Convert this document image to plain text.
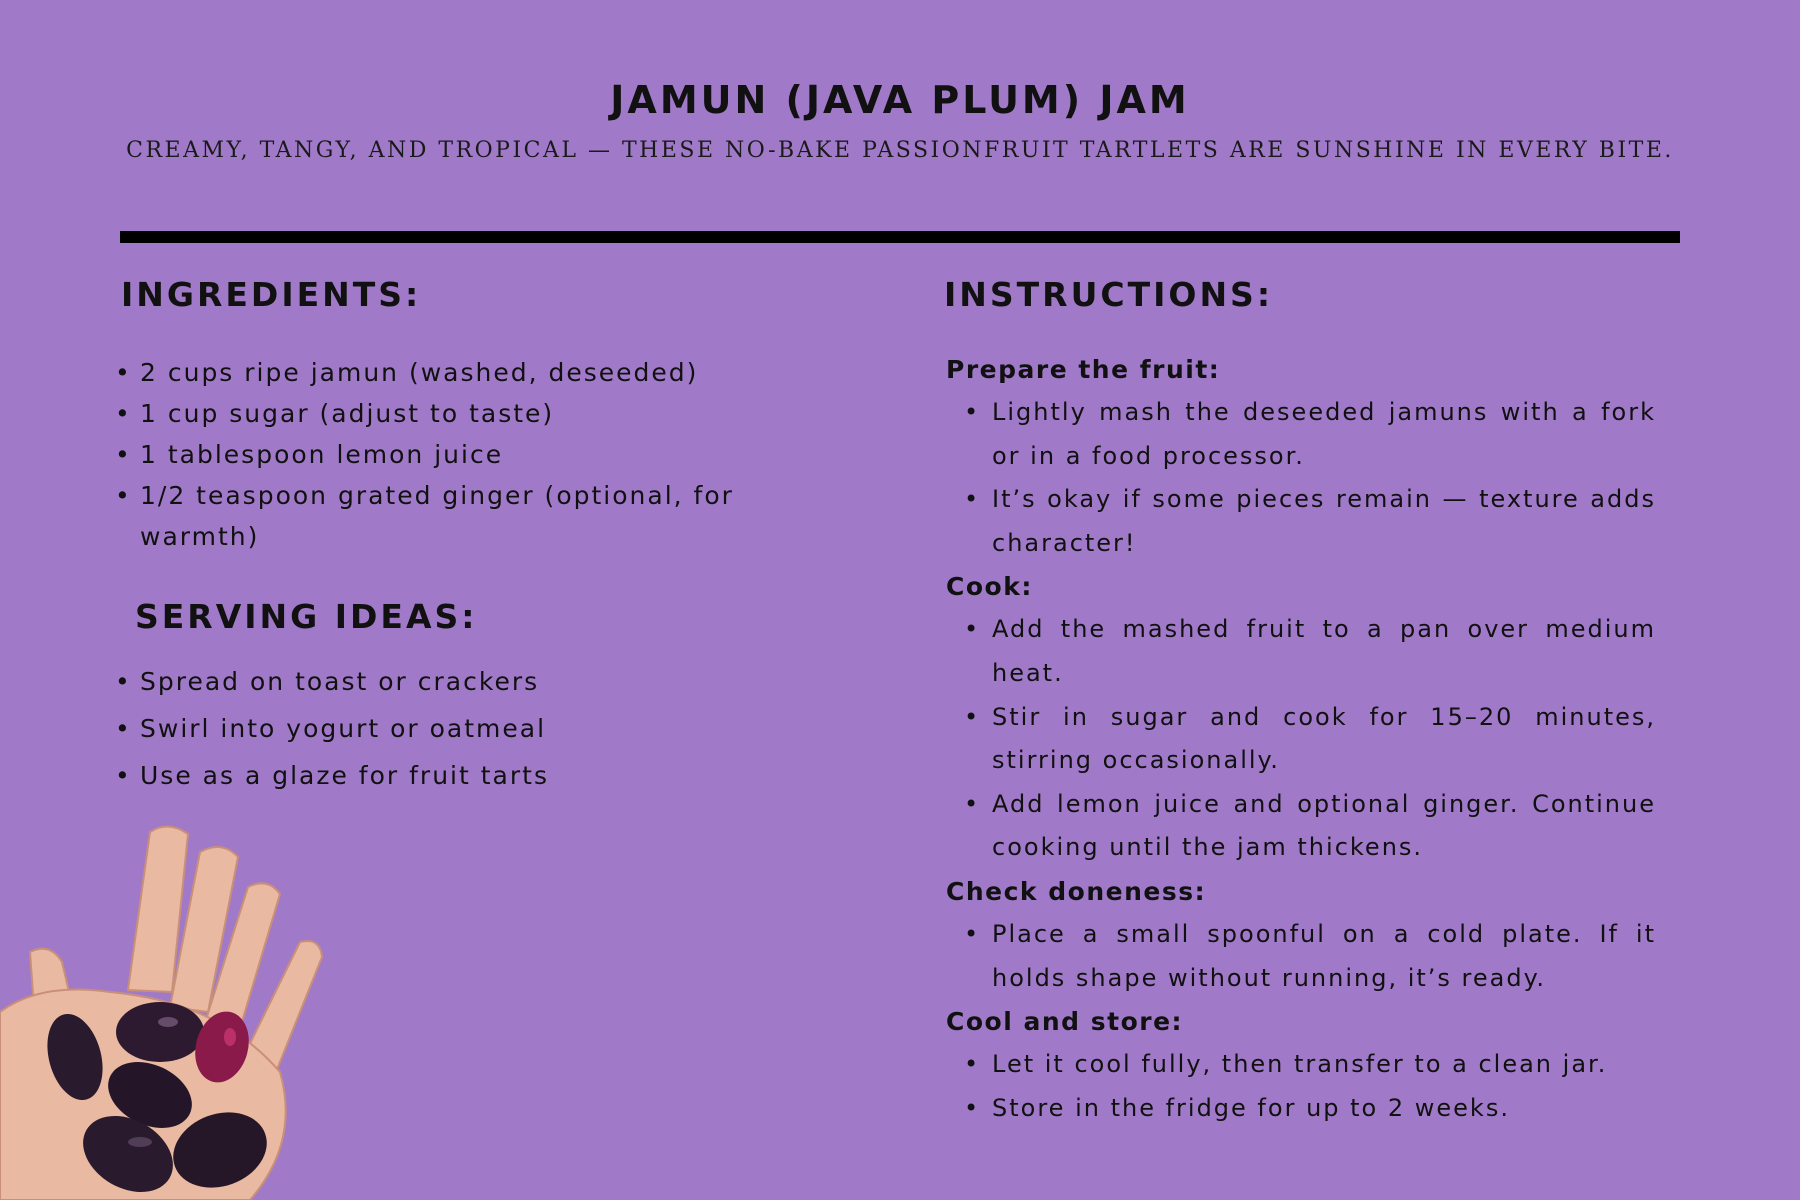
JAMUN (JAVA PLUM) JAM

CREAMY, TANGY, AND TROPICAL — THESE NO-BAKE PASSIONFRUIT TARTLETS ARE SUNSHINE IN EVERY BITE.

INGREDIENTS:
• 2 cups ripe jamun (washed, deseeded)
• 1 cup sugar (adjust to taste)
• 1 tablespoon lemon juice
• 1/2 teaspoon grated ginger (optional, for warmth)
SERVING IDEAS:
• Spread on toast or crackers
• Swirl into yogurt or oatmeal
• Use as a glaze for fruit tarts
INSTRUCTIONS:

Prepare the fruit:

• Lightly mash the deseeded jamuns with a fork or in a food processor.
• It’s okay if some pieces remain — texture adds character!

Cook:

• Add the mashed fruit to a pan over medium heat.
• Stir in sugar and cook for 15–20 minutes, stirring occasionally.
• Add lemon juice and optional ginger. Continue cooking until the jam thickens.

Check doneness:

• Place a small spoonful on a cold plate. If it holds shape without running, it’s ready.

Cool and store:

• Let it cool fully, then transfer to a clean jar.
• Store in the fridge for up to 2 weeks.
